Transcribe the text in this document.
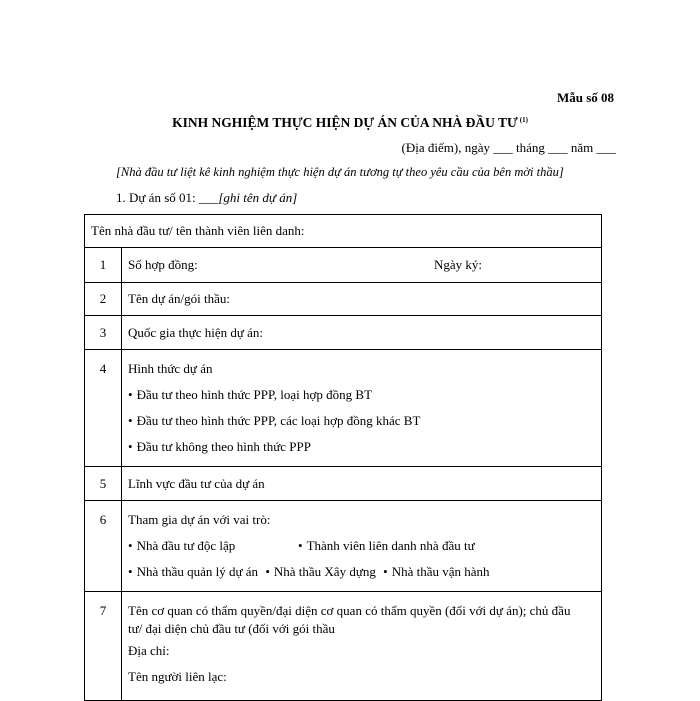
Mẫu số 08
KINH NGHIỆM THỰC HIỆN DỰ ÁN CỦA NHÀ ĐẦU TƯ $^{(1)}$
(Địa điểm), ngày ___ tháng ___ năm ___
[Nhà đầu tư liệt kê kinh nghiệm thực hiện dự án tương tự theo yêu cầu của bên mời thầu]
1. Dự án số 01: ___[ghi tên dự án]
Tên nhà đầu tư/ tên thành viên liên danh:	

1	Số hợp đồng: Ngày ký:

2	Tên dự án/gói thầu:

3	Quốc gia thực hiện dự án:

4	Hình thức dự án
• Đầu tư theo hình thức PPP, loại hợp đồng BT
• Đầu tư theo hình thức PPP, các loại hợp đồng khác BT
• Đầu tư không theo hình thức PPP

5	Lĩnh vực đầu tư của dự án

6	Tham gia dự án với vai trò:
• Nhà đầu tư độc lập • Thành viên liên danh nhà đầu tư
• Nhà thầu quản lý dự án • Nhà thầu Xây dựng • Nhà thầu vận hành

7	Tên cơ quan có thẩm quyền/đại diện cơ quan có thẩm quyền (đối với dự án); chủ đầu
tư/ đại diện chủ đầu tư (đối với gói thầu
Địa chỉ:
Tên người liên lạc:
